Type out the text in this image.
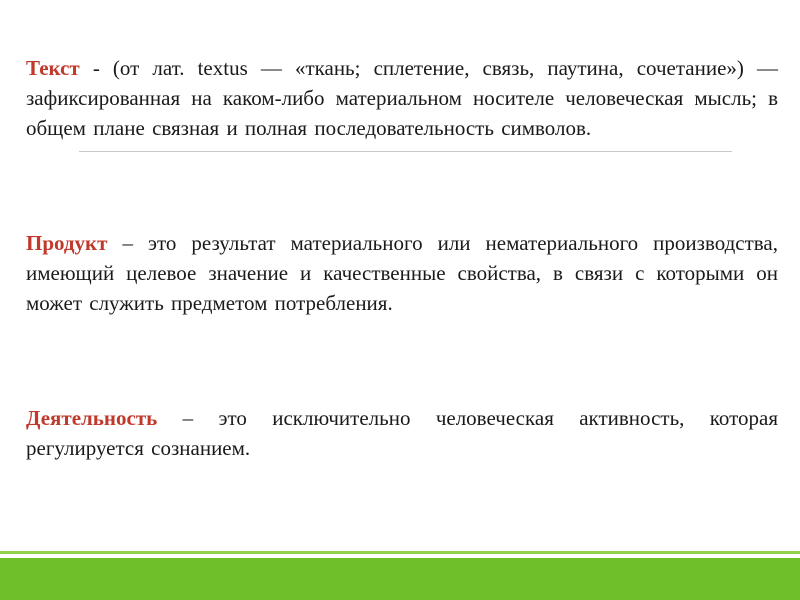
Текст - (от лат. textus — «ткань; сплетение, связь, паутина, сочетание») — зафиксированная на каком-либо материальном носителе человеческая мысль; в общем плане связная и полная последовательность символов.

Продукт – это результат материального или нематериального производства, имеющий целевое значение и качественные свойства, в связи с которыми он может служить предметом потребления.

Деятельность – это исключительно человеческая активность, которая регулируется сознанием.
